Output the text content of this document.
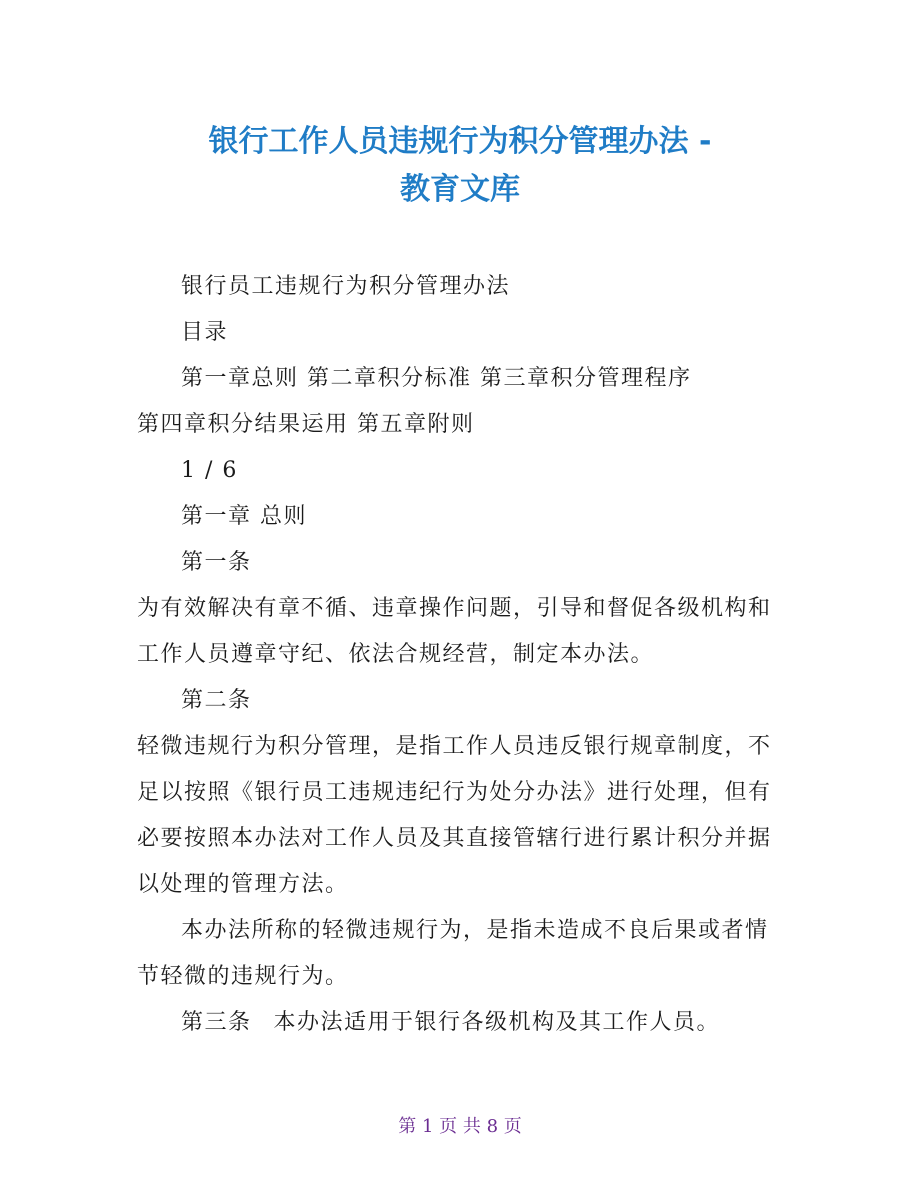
银行工作人员违规行为积分管理办法 -
教育文库

银行员工违规行为积分管理办法

目录

第一章总则 第二章积分标准 第三章积分管理程序

第四章积分结果运用 第五章附则

1 / 6

第一章 总则

第一条

为有效解决有章不循、违章操作问题，引导和督促各级机构和

工作人员遵章守纪、依法合规经营，制定本办法。

第二条

轻微违规行为积分管理，是指工作人员违反银行规章制度，不

足以按照《银行员工违规违纪行为处分办法》进行处理，但有

必要按照本办法对工作人员及其直接管辖行进行累计积分并据

以处理的管理方法。

本办法所称的轻微违规行为，是指未造成不良后果或者情

节轻微的违规行为。

第三条 本办法适用于银行各级机构及其工作人员。

第 1 页 共 8 页
